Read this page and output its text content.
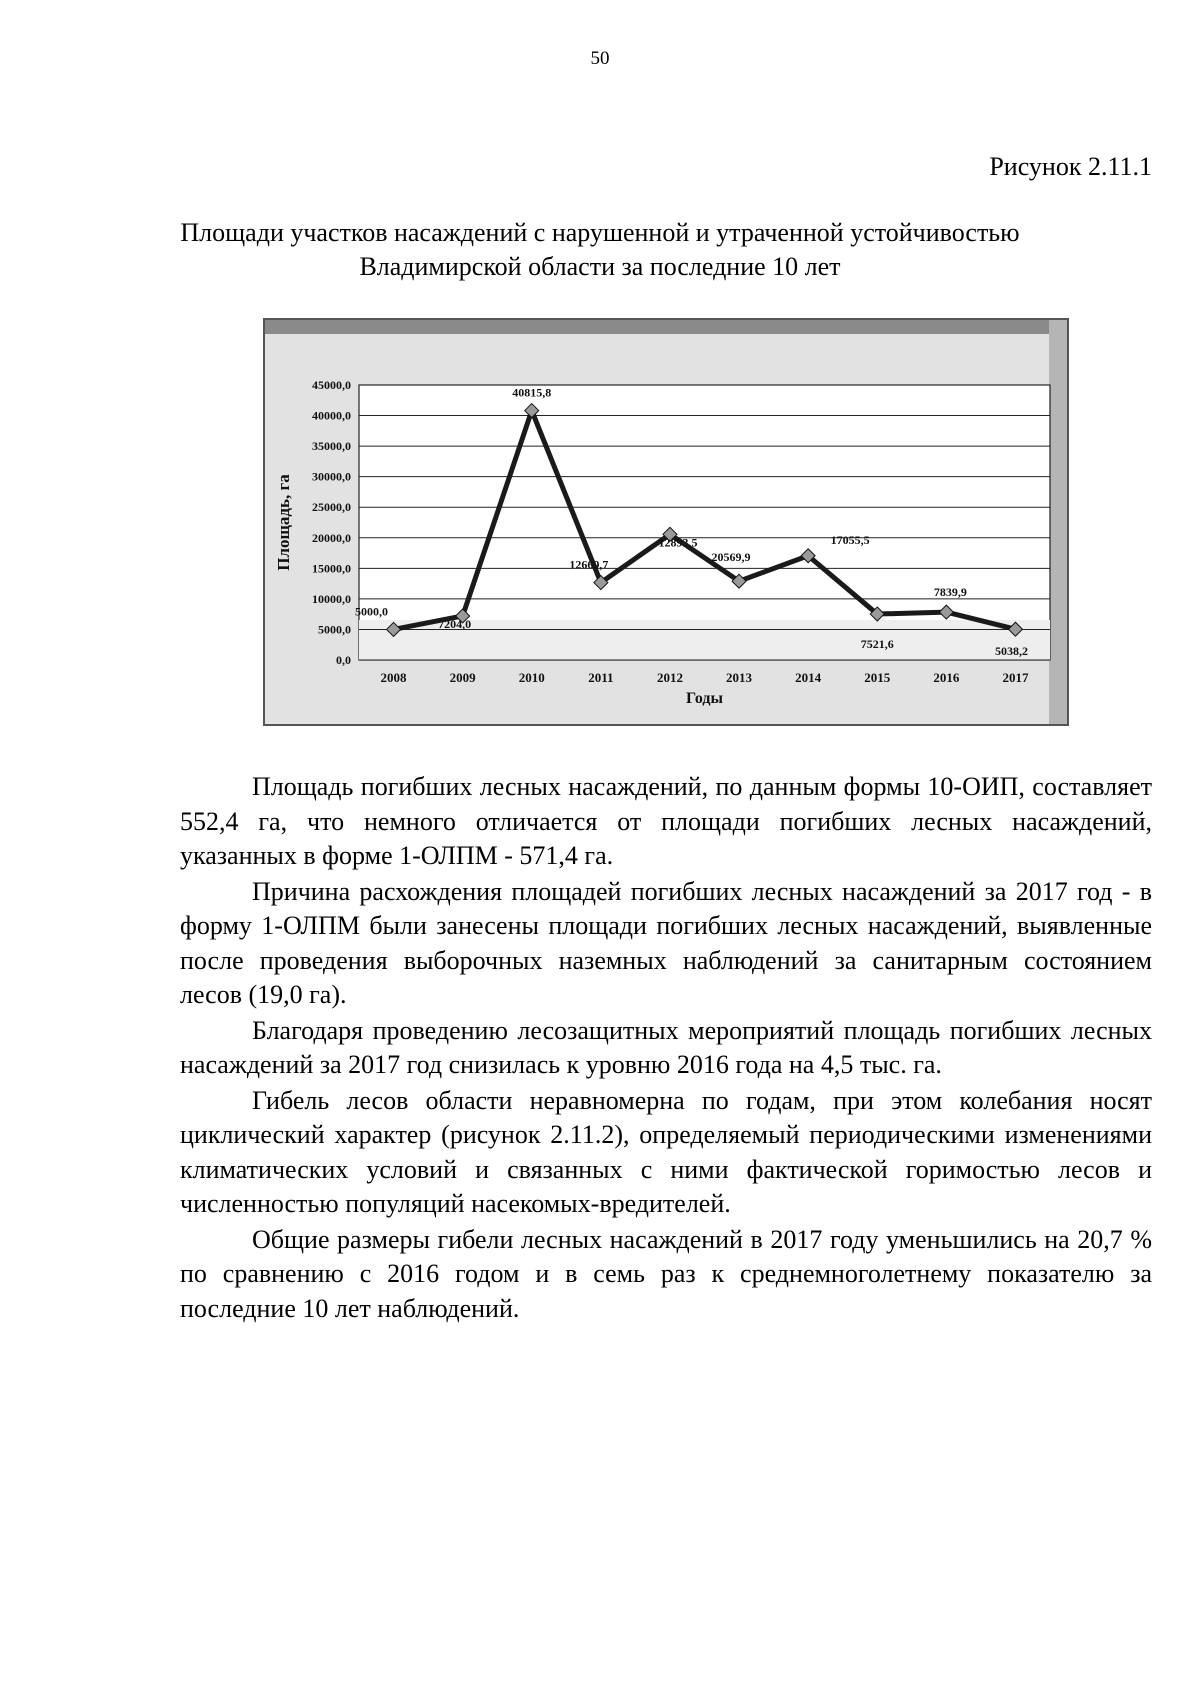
50
Рисунок 2.11.1
Площади участков насаждений с нарушенной и утраченной устойчивостью
Владимирской области за последние 10 лет
0,0
5000,0
10000,0
15000,0
20000,0
25000,0
30000,0
35000,0
40000,0
45000,0
2008	2009	2010	2011	2012	2013	2014	2015	2016	2017
Годы
Площадь, га
5000,0
7204,0
40815,8
12669,7
12893,5
20569,9
17055,5
7521,6
7839,9
5038,2

Площадь погибших лесных насаждений, по данным формы 10-ОИП, составляет 552,4 га, что немного отличается от площади погибших лесных насаждений, указанных в форме 1-ОЛПМ - 571,4 га.

Причина расхождения площадей погибших лесных насаждений за 2017 год - в форму 1-ОЛПМ были занесены площади погибших лесных насаждений, выявленные после проведения выборочных наземных наблюдений за санитарным состоянием лесов (19,0 га).

Благодаря проведению лесозащитных мероприятий площадь погибших лесных насаждений за 2017 год снизилась к уровню 2016 года на 4,5 тыс. га.

Гибель лесов области неравномерна по годам, при этом колебания носят циклический характер (рисунок 2.11.2), определяемый периодическими изменениями климатических условий и связанных с ними фактической горимостью лесов и численностью популяций насекомых-вредителей.

Общие размеры гибели лесных насаждений в 2017 году уменьшились на 20,7 % по сравнению с 2016 годом и в семь раз к среднемноголетнему показателю за последние 10 лет наблюдений.
